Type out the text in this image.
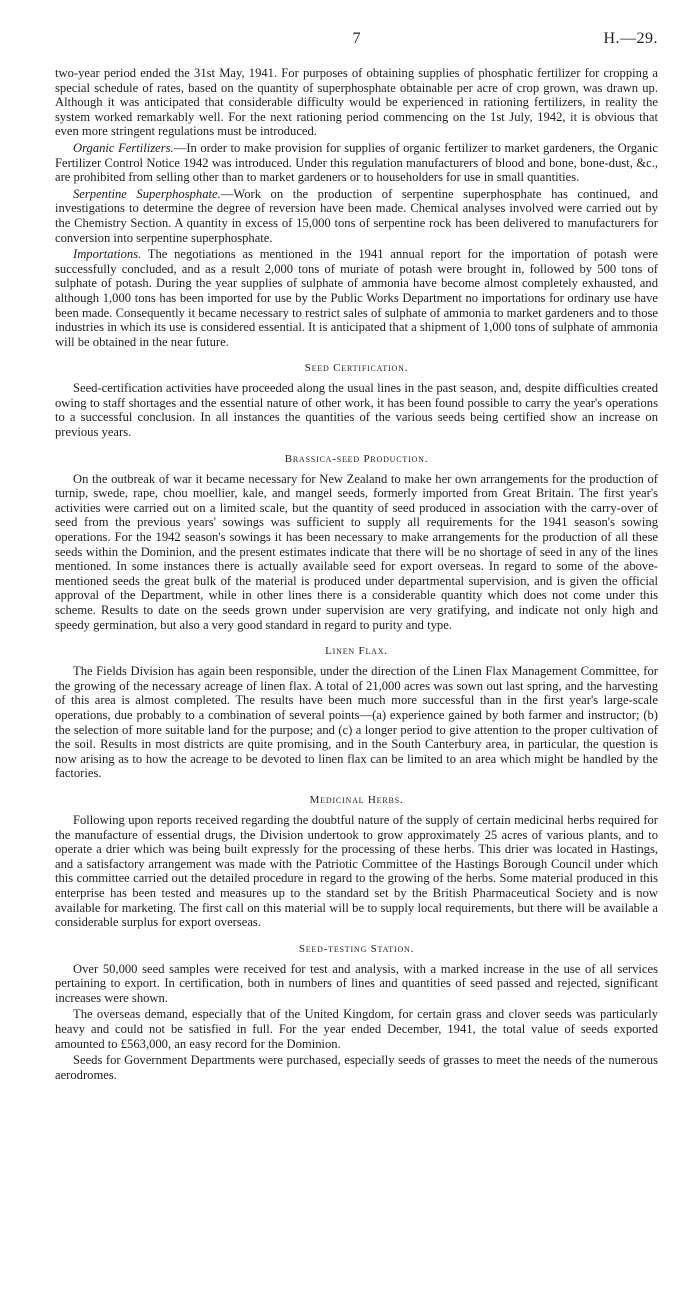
7	H.—29.

two-year period ended the 31st May, 1941. For purposes of obtaining supplies of phosphatic fertilizer for cropping a special schedule of rates, based on the quantity of superphosphate obtainable per acre of crop grown, was drawn up. Although it was anticipated that considerable difficulty would be experienced in rationing fertilizers, in reality the system worked remarkably well. For the next rationing period commencing on the 1st July, 1942, it is obvious that even more stringent regulations must be introduced.

Organic Fertilizers.—In order to make provision for supplies of organic fertilizer to market gardeners, the Organic Fertilizer Control Notice 1942 was introduced. Under this regulation manufacturers of blood and bone, bone-dust, &c., are prohibited from selling other than to market gardeners or to householders for use in small quantities.

Serpentine Superphosphate.—Work on the production of serpentine superphosphate has continued, and investigations to determine the degree of reversion have been made. Chemical analyses involved were carried out by the Chemistry Section. A quantity in excess of 15,000 tons of serpentine rock has been delivered to manufacturers for conversion into serpentine superphosphate.

Importations. The negotiations as mentioned in the 1941 annual report for the importation of potash were successfully concluded, and as a result 2,000 tons of muriate of potash were brought in, followed by 500 tons of sulphate of potash. During the year supplies of sulphate of ammonia have become almost completely exhausted, and although 1,000 tons has been imported for use by the Public Works Department no importations for ordinary use have been made. Consequently it became necessary to restrict sales of sulphate of ammonia to market gardeners and to those industries in which its use is considered essential. It is anticipated that a shipment of 1,000 tons of sulphate of ammonia will be obtained in the near future.

Seed Certification.

Seed-certification activities have proceeded along the usual lines in the past season, and, despite difficulties created owing to staff shortages and the essential nature of other work, it has been found possible to carry the year's operations to a successful conclusion. In all instances the quantities of the various seeds being certified show an increase on previous years.

Brassica-seed Production.

On the outbreak of war it became necessary for New Zealand to make her own arrangements for the production of turnip, swede, rape, chou moellier, kale, and mangel seeds, formerly imported from Great Britain. The first year's activities were carried out on a limited scale, but the quantity of seed produced in association with the carry-over of seed from the previous years' sowings was sufficient to supply all requirements for the 1941 season's sowing operations. For the 1942 season's sowings it has been necessary to make arrangements for the production of all these seeds within the Dominion, and the present estimates indicate that there will be no shortage of seed in any of the lines mentioned. In some instances there is actually available seed for export overseas. In regard to some of the above-mentioned seeds the great bulk of the material is produced under departmental supervision, and is given the official approval of the Department, while in other lines there is a considerable quantity which does not come under this scheme. Results to date on the seeds grown under supervision are very gratifying, and indicate not only high and speedy germination, but also a very good standard in regard to purity and type.

Linen Flax.

The Fields Division has again been responsible, under the direction of the Linen Flax Management Committee, for the growing of the necessary acreage of linen flax. A total of 21,000 acres was sown out last spring, and the harvesting of this area is almost completed. The results have been much more successful than in the first year's large-scale operations, due probably to a combination of several points—(a) experience gained by both farmer and instructor; (b) the selection of more suitable land for the purpose; and (c) a longer period to give attention to the proper cultivation of the soil. Results in most districts are quite promising, and in the South Canterbury area, in particular, the question is now arising as to how the acreage to be devoted to linen flax can be limited to an area which might be handled by the factories.

Medicinal Herbs.

Following upon reports received regarding the doubtful nature of the supply of certain medicinal herbs required for the manufacture of essential drugs, the Division undertook to grow approximately 25 acres of various plants, and to operate a drier which was being built expressly for the processing of these herbs. This drier was located in Hastings, and a satisfactory arrangement was made with the Patriotic Committee of the Hastings Borough Council under which this committee carried out the detailed procedure in regard to the growing of the herbs. Some material produced in this enterprise has been tested and measures up to the standard set by the British Pharmaceutical Society and is now available for marketing. The first call on this material will be to supply local requirements, but there will be available a considerable surplus for export overseas.

Seed-testing Station.

Over 50,000 seed samples were received for test and analysis, with a marked increase in the use of all services pertaining to export. In certification, both in numbers of lines and quantities of seed passed and rejected, significant increases were shown.

The overseas demand, especially that of the United Kingdom, for certain grass and clover seeds was particularly heavy and could not be satisfied in full. For the year ended December, 1941, the total value of seeds exported amounted to £563,000, an easy record for the Dominion.

Seeds for Government Departments were purchased, especially seeds of grasses to meet the needs of the numerous aerodromes.
